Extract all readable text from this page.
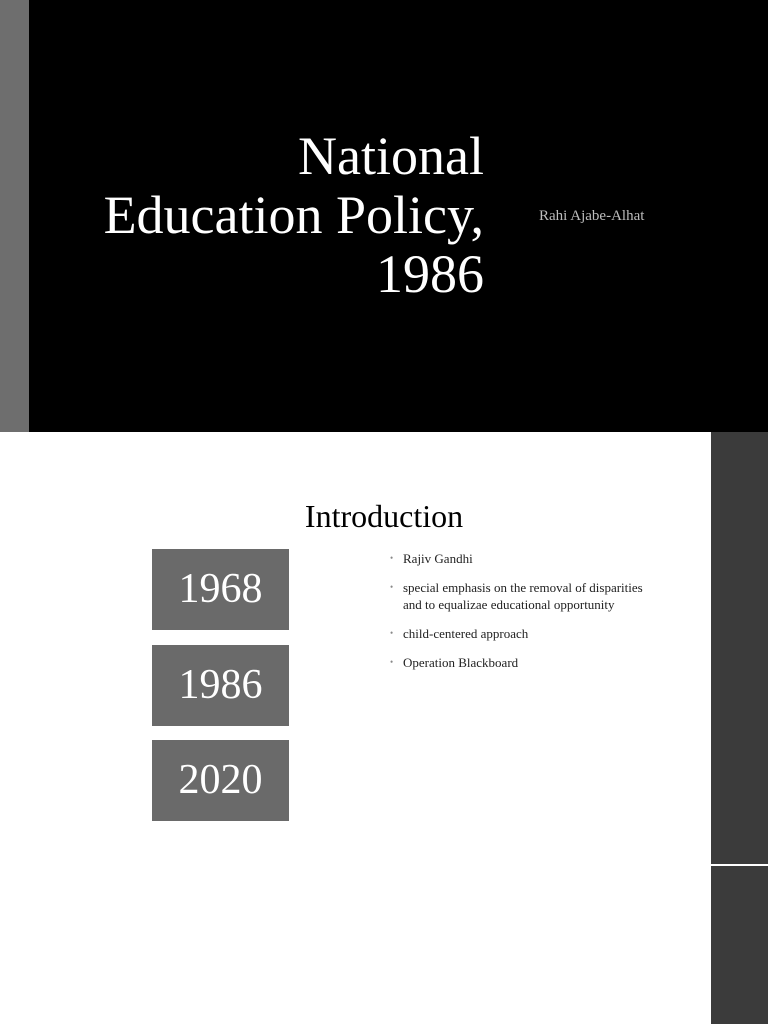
National
Education Policy,
1986
Rahi Ajabe-Alhat
Introduction
1968
1986
2020
• Rajiv Gandhi
• special emphasis on the removal of disparities and to equalizae educational opportunity
• child-centered approach
• Operation Blackboard
